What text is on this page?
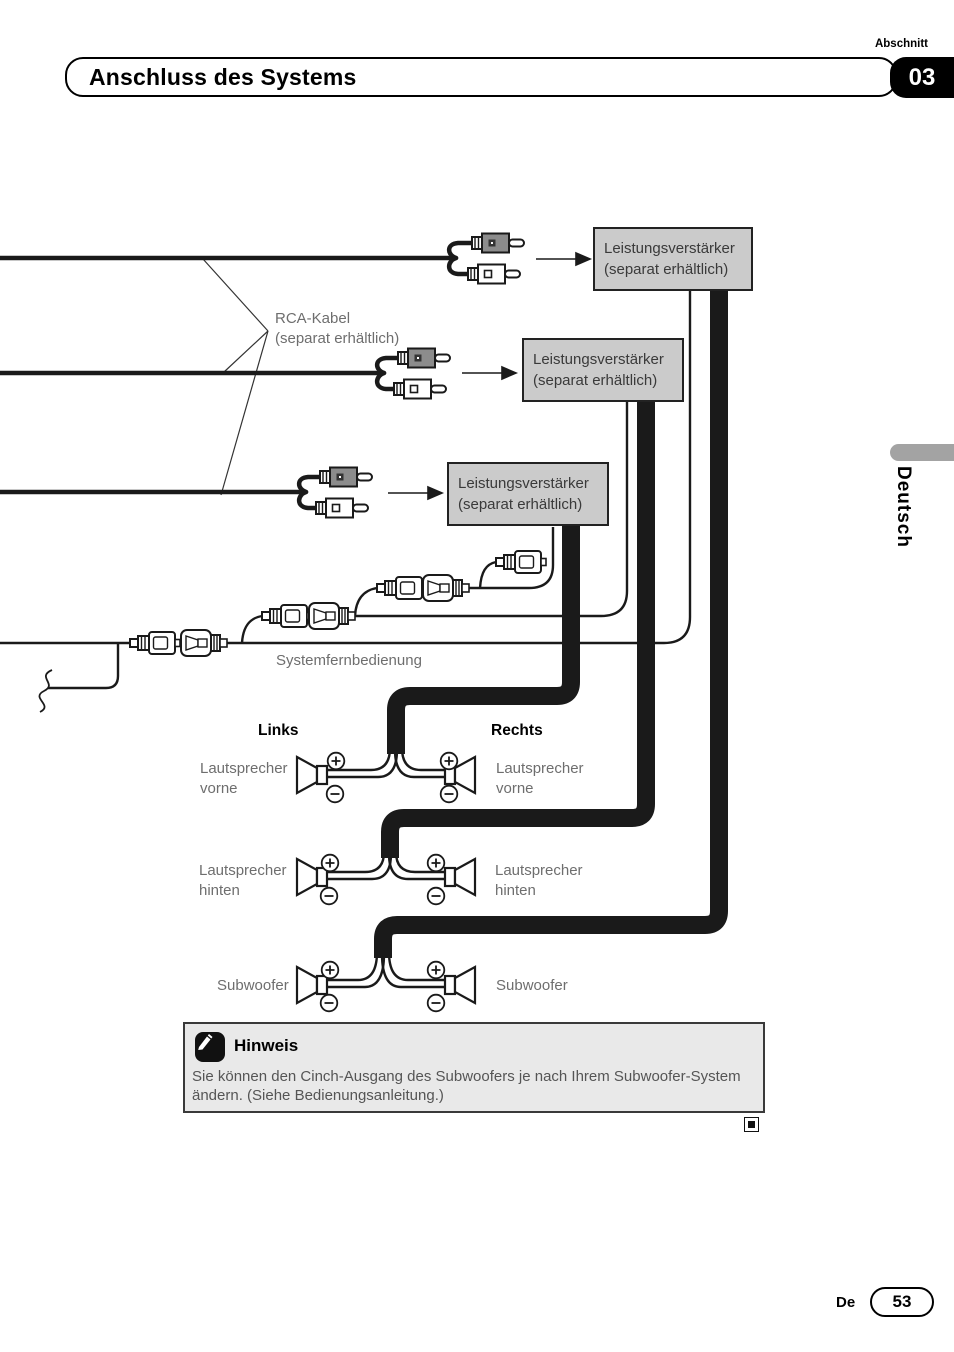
Abschnitt
03
Anschluss des Systems
Deutsch
Leistungsverstärker
(separat erhältlich)
Leistungsverstärker
(separat erhältlich)
Leistungsverstärker
(separat erhältlich)
RCA-Kabel
(separat erhältlich)
Systemfernbedienung
Links	Rechts
Lautsprecher
vorne
Lautsprecher
vorne
Lautsprecher
hinten
Lautsprecher
hinten
Subwoofer	Subwoofer
Hinweis
Sie können den Cinch-Ausgang des Subwoofers je nach Ihrem Subwoofer-System ändern. (Siehe Bedienungsanleitung.)
De 53
